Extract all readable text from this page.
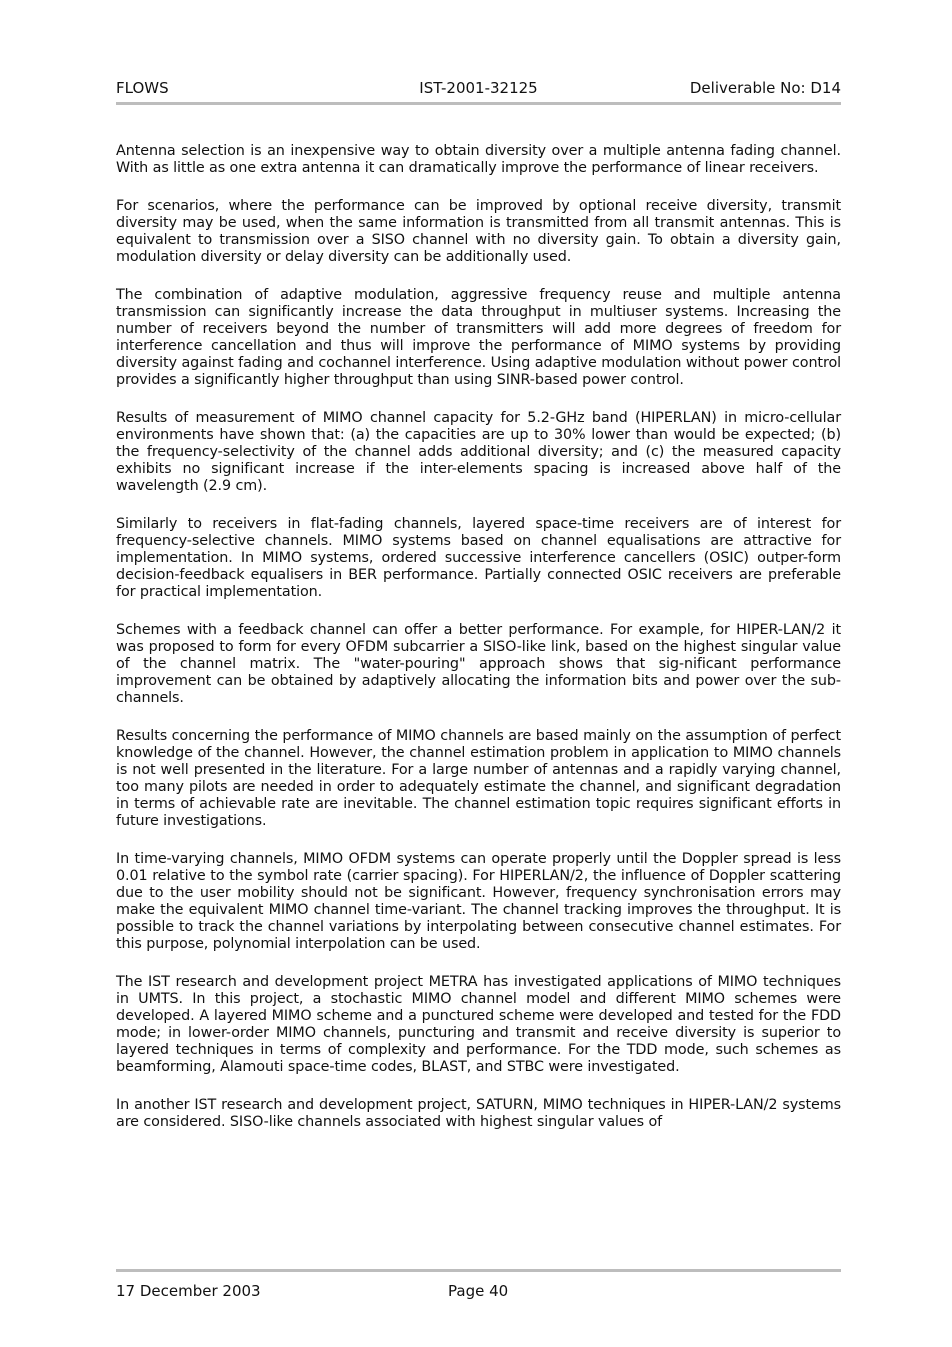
FLOWS	IST-2001-32125	Deliverable No: D14

Antenna selection is an inexpensive way to obtain diversity over a multiple antenna fading channel. With as little as one extra antenna it can dramatically improve the performance of linear receivers.

For scenarios, where the performance can be improved by optional receive diversity, transmit diversity may be used, when the same information is transmitted from all transmit antennas. This is equivalent to transmission over a SISO channel with no diversity gain. To obtain a diversity gain, modulation diversity or delay diversity can be additionally used.

The combination of adaptive modulation, aggressive frequency reuse and multiple antenna transmission can significantly increase the data throughput in multiuser systems. Increasing the number of receivers beyond the number of transmitters will add more degrees of freedom for interference cancellation and thus will improve the performance of MIMO systems by providing diversity against fading and cochannel interference. Using adaptive modulation without power control provides a significantly higher throughput than using SINR-based power control.

Results of measurement of MIMO channel capacity for 5.2-GHz band (HIPERLAN) in micro-cellular environments have shown that: (a) the capacities are up to 30% lower than would be expected; (b) the frequency-selectivity of the channel adds additional diversity; and (c) the measured capacity exhibits no significant increase if the inter-elements spacing is increased above half of the wavelength (2.9 cm).

Similarly to receivers in flat-fading channels, layered space-time receivers are of interest for frequency-selective channels. MIMO systems based on channel equalisations are attractive for implementation. In MIMO systems, ordered successive interference cancellers (OSIC) outper-form decision-feedback equalisers in BER performance. Partially connected OSIC receivers are preferable for practical implementation.

Schemes with a feedback channel can offer a better performance. For example, for HIPER-LAN/2 it was proposed to form for every OFDM subcarrier a SISO-like link, based on the highest singular value of the channel matrix. The "water-pouring" approach shows that sig-nificant performance improvement can be obtained by adaptively allocating the information bits and power over the sub-channels.

Results concerning the performance of MIMO channels are based mainly on the assumption of perfect knowledge of the channel. However, the channel estimation problem in application to MIMO channels is not well presented in the literature. For a large number of antennas and a rapidly varying channel, too many pilots are needed in order to adequately estimate the channel, and significant degradation in terms of achievable rate are inevitable. The channel estimation topic requires significant efforts in future investigations.

In time-varying channels, MIMO OFDM systems can operate properly until the Doppler spread is less 0.01 relative to the symbol rate (carrier spacing). For HIPERLAN/2, the influence of Doppler scattering due to the user mobility should not be significant. However, frequency synchronisation errors may make the equivalent MIMO channel time-variant. The channel tracking improves the throughput. It is possible to track the channel variations by interpolating between consecutive channel estimates. For this purpose, polynomial interpolation can be used.

The IST research and development project METRA has investigated applications of MIMO techniques in UMTS. In this project, a stochastic MIMO channel model and different MIMO schemes were developed. A layered MIMO scheme and a punctured scheme were developed and tested for the FDD mode; in lower-order MIMO channels, puncturing and transmit and receive diversity is superior to layered techniques in terms of complexity and performance. For the TDD mode, such schemes as beamforming, Alamouti space-time codes, BLAST, and STBC were investigated.

In another IST research and development project, SATURN, MIMO techniques in HIPER-LAN/2 systems are considered. SISO-like channels associated with highest singular values of

17 December 2003	Page 40
